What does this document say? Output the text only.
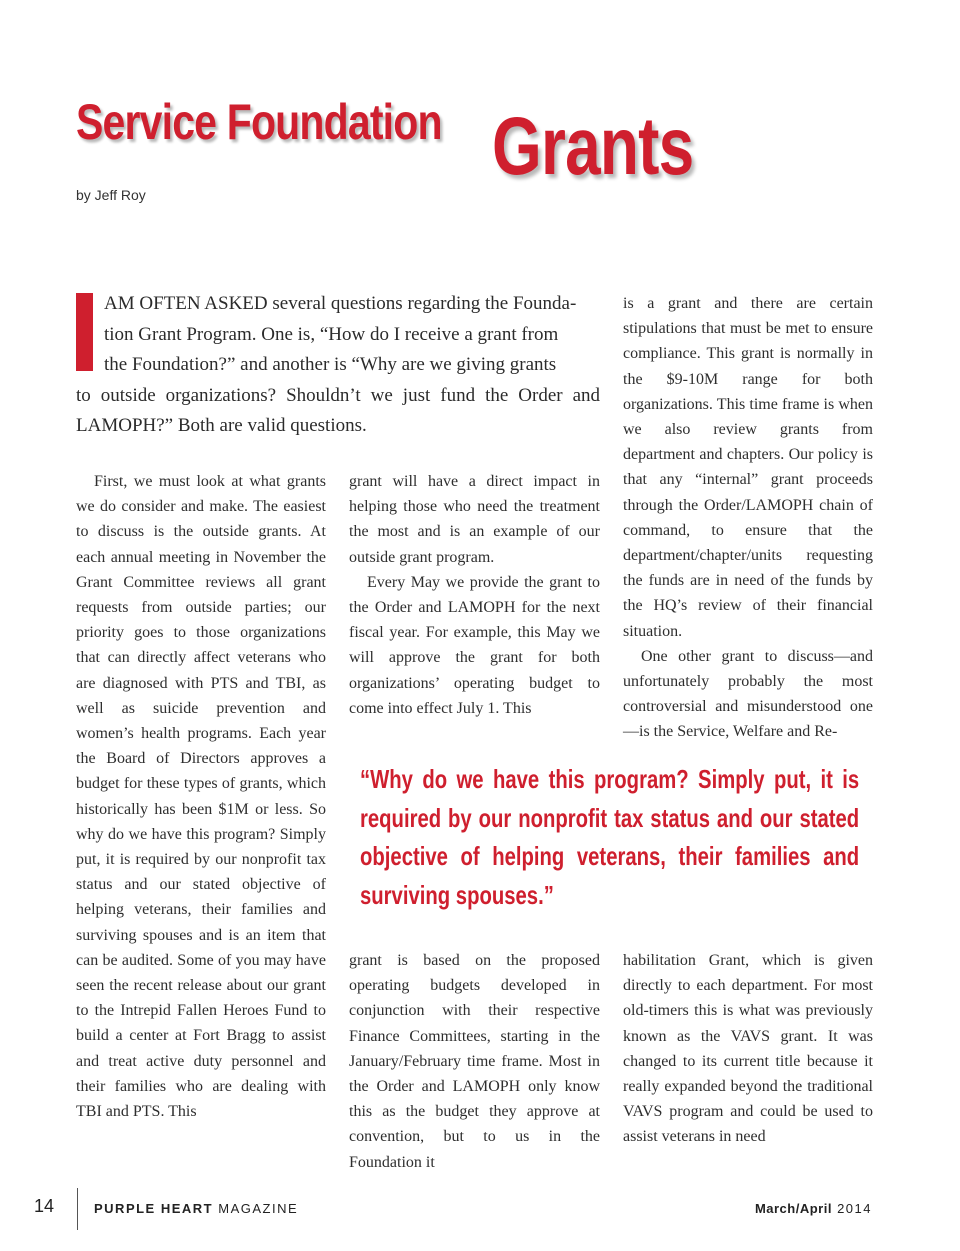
Service Foundation Grants
by Jeff Roy

AM OFTEN ASKED several questions regarding the Founda-
tion Grant Program. One is, “How do I receive a grant from
the Foundation?” and another is “Why are we giving grants
to outside organizations? Shouldn’t we just fund the Order and LAMOPH?” Both are valid questions.

First, we must look at what grants we do consider and make. The easiest to discuss is the outside grants. At each annual meeting in November the Grant Committee reviews all grant requests from outside parties; our priority goes to those organizations that can directly affect veterans who are diagnosed with PTS and TBI, as well as suicide prevention and women’s health programs. Each year the Board of Directors approves a budget for these types of grants, which historically has been $1M or less. So why do we have this program? Simply put, it is required by our nonprofit tax status and our stated objective of helping veterans, their families and surviving spouses and is an item that can be audited. Some of you may have seen the recent release about our grant to the Intrepid Fallen Heroes Fund to build a center at Fort Bragg to assist and treat active duty personnel and their families who are dealing with TBI and PTS. This

grant will have a direct impact in helping those who need the treatment the most and is an example of our outside grant program.

Every May we provide the grant to the Order and LAMOPH for the next fiscal year. For example, this May we will approve the grant for both organizations’ operating budget to come into effect July 1. This

is a grant and there are certain stipulations that must be met to ensure compliance. This grant is normally in the $9-10M range for both organizations. This time frame is when we also review grants from department and chapters. Our policy is that any “internal” grant proceeds through the Order/LAMOPH chain of command, to ensure that the department/chapter/units requesting the funds are in need of the funds by the HQ’s review of their financial situation.

One other grant to discuss—and unfortunately probably the most controversial and misunderstood one—is the Service, Welfare and Re-

“Why do we have this program? Simply put, it is required by our nonprofit tax status and our stated objective of helping veterans, their families and surviving spouses.”

grant is based on the proposed operating budgets developed in conjunction with their respective Finance Committees, starting in the January/February time frame. Most in the Order and LAMOPH only know this as the budget they approve at convention, but to us in the Foundation it

habilitation Grant, which is given directly to each department. For most old-timers this is what was previously known as the VAVS grant. It was changed to its current title because it really expanded beyond the traditional VAVS program and could be used to assist veterans in need

14	PURPLE HEART MAGAZINE	March/April 2014
